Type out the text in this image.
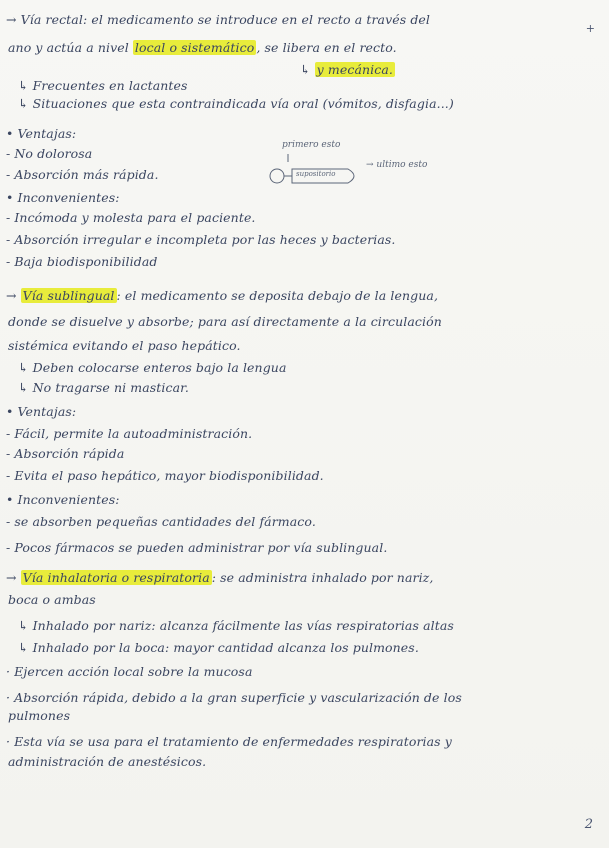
+
→ Vía rectal: el medicamento se introduce en el recto a través del
ano y actúa a nivel local o sistemático , se libera en el recto.
↳ y mecánica.
↳ Frecuentes en lactantes
↳ Situaciones que esta contraindicada vía oral (vómitos, disfagia...)
• Ventajas:
- No dolorosa
- Absorción más rápida.
primero esto
supositorio
→ ultimo esto
• Inconvenientes:
- Incómoda y molesta para el paciente.
- Absorción irregular e incompleta por las heces y bacterias.
- Baja biodisponibilidad
→ Vía sublingual : el medicamento se deposita debajo de la lengua,
donde se disuelve y absorbe; para así directamente a la circulación
sistémica evitando el paso hepático.
↳ Deben colocarse enteros bajo la lengua
↳ No tragarse ni masticar.
• Ventajas:
- Fácil, permite la autoadministración.
- Absorción rápida
- Evita el paso hepático, mayor biodisponibilidad.
• Inconvenientes:
- se absorben pequeñas cantidades del fármaco.
- Pocos fármacos se pueden administrar por vía sublingual.
→ Vía inhalatoria o respiratoria : se administra inhalado por nariz,
boca o ambas
↳ Inhalado por nariz: alcanza fácilmente las vías respiratorias altas
↳ Inhalado por la boca: mayor cantidad alcanza los pulmones.
· Ejercen acción local sobre la mucosa
· Absorción rápida, debido a la gran superficie y vascularización de los
pulmones
· Esta vía se usa para el tratamiento de enfermedades respiratorias y
administración de anestésicos.
2
